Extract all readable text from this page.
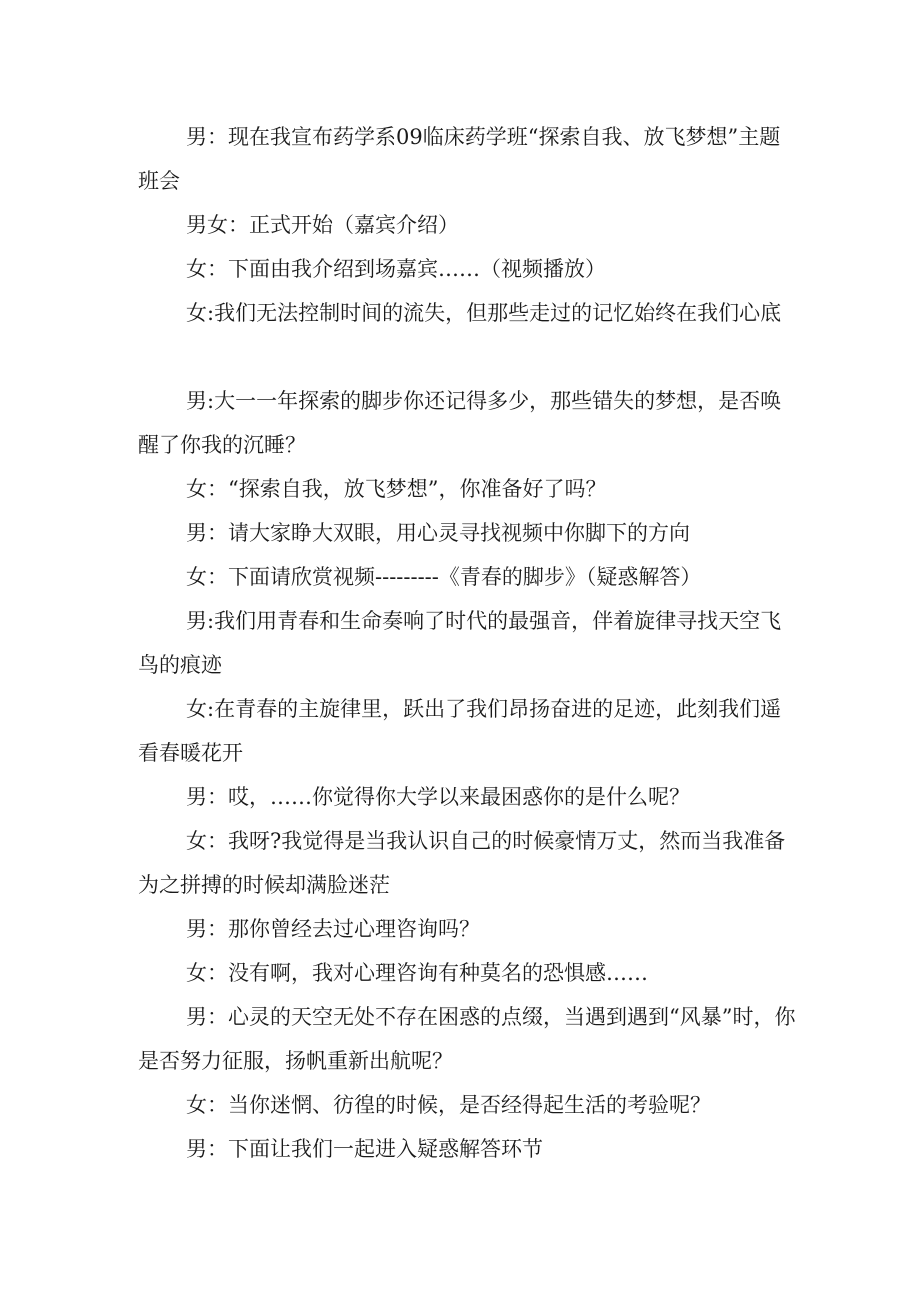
男：现在我宣布药学系09临床药学班“探索自我、放飞梦想”主题班会

男女：正式开始（嘉宾介绍）

女：下面由我介绍到场嘉宾……（视频播放）

女:我们无法控制时间的流失，但那些走过的记忆始终在我们心底

男:大一一年探索的脚步你还记得多少，那些错失的梦想，是否唤醒了你我的沉睡？

女：“探索自我，放飞梦想”，你准备好了吗？

男：请大家睁大双眼，用心灵寻找视频中你脚下的方向

女：下面请欣赏视频---------《青春的脚步》（疑惑解答）

男:我们用青春和生命奏响了时代的最强音，伴着旋律寻找天空飞鸟的痕迹

女:在青春的主旋律里，跃出了我们昂扬奋进的足迹，此刻我们遥看春暖花开

男：哎，……你觉得你大学以来最困惑你的是什么呢？

女：我呀?我觉得是当我认识自己的时候豪情万丈，然而当我准备为之拼搏的时候却满脸迷茫

男：那你曾经去过心理咨询吗？

女：没有啊，我对心理咨询有种莫名的恐惧感……

男：心灵的天空无处不存在困惑的点缀，当遇到遇到“风暴”时，你是否努力征服，扬帆重新出航呢？

女：当你迷惘、彷徨的时候，是否经得起生活的考验呢？

男：下面让我们一起进入疑惑解答环节
